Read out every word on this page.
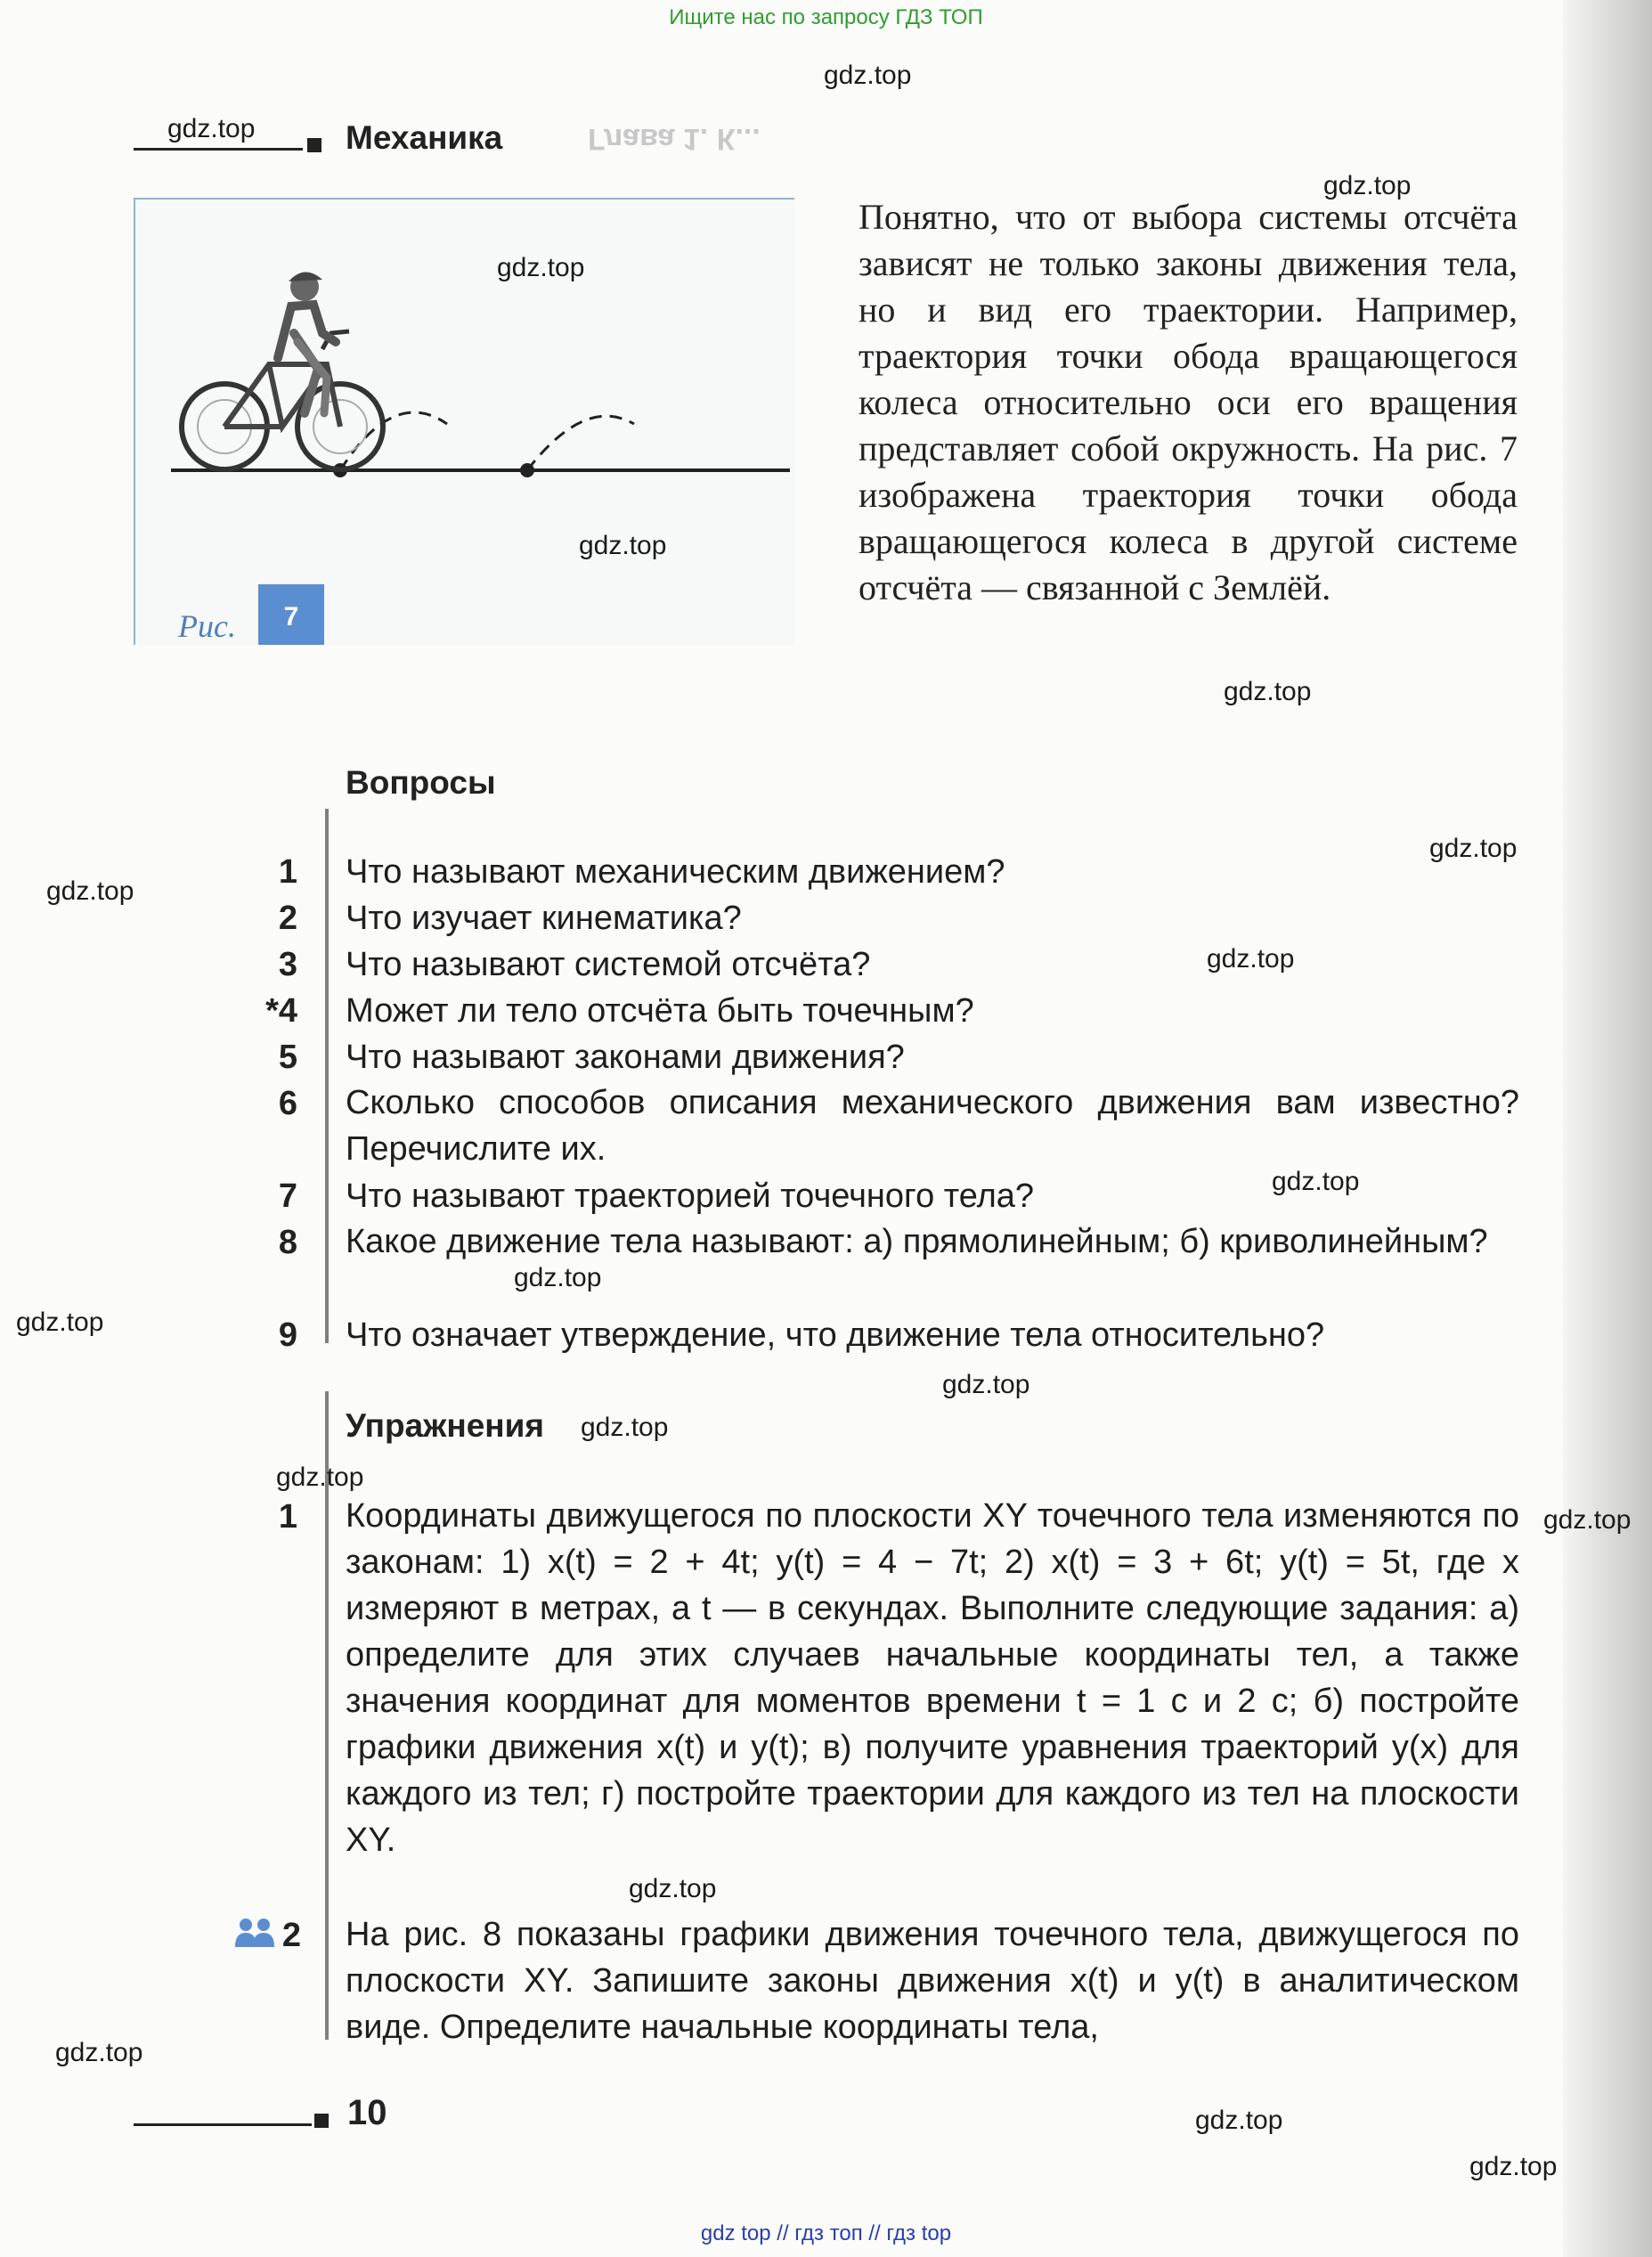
Ищите нас по запросу ГДЗ ТОП
Механика	Глава 1. К...
Рис.	7

Понятно, что от выбора системы отсчёта зависят не только законы движения тела, но и вид его траектории. Например, траектория точки обода вращающегося колеса относительно оси его вращения представляет собой окружность. На рис. 7 изображена траектория точки обода вращающегося колеса в другой системе отсчёта — связанной с Землёй.

Вопросы
1 Что называют механическим движением?
2 Что изучает кинематика?
3 Что называют системой отсчёта?
*4 Может ли тело отсчёта быть точечным?
5 Что называют законами движения?
6 Сколько способов описания механического движения вам известно? Перечислите их.

7 Что называют траекторией точечного тела?
8 Какое движение тела называют: а) прямолинейным; б) криволинейным?

9 Что означает утверждение, что движение тела относительно?
Упражнения
1 Координаты движущегося по плоскости XY точечного тела изменяются по законам: 1) x(t) = 2 + 4t; y(t) = 4 − 7t; 2) x(t) = 3 + 6t; y(t) = 5t, где x измеряют в метрах, а t — в секундах. Выполните следующие задания: а) определите для этих случаев начальные координаты тел, а также значения координат для моментов времени t = 1 с и 2 с; б) постройте графики движения x(t) и y(t); в) получите уравнения траекторий y(x) для каждого из тел; г) постройте траектории для каждого из тел на плоскости XY.

2 На рис. 8 показаны графики движения точечного тела, движущегося по плоскости XY. Запишите законы движения x(t) и y(t) в аналитическом виде. Определите начальные координаты тела,

10
gdz.top
gdz.top
gdz.top
gdz.top
gdz.top
gdz.top
gdz.top
gdz.top
gdz.top
gdz.top
gdz.top
gdz.top
gdz.top
gdz.top
gdz.top
gdz.top
gdz.top
gdz.top
gdz.top
gdz.top
gdz top // гдз топ // гдз top
